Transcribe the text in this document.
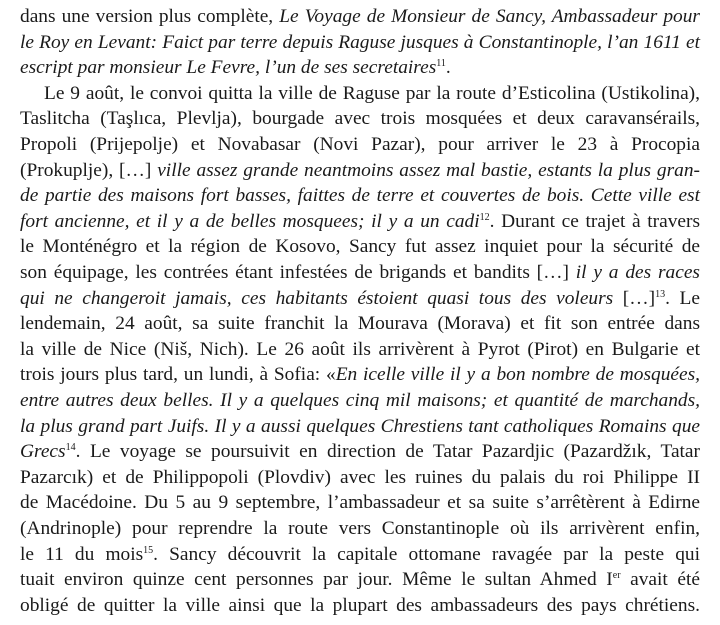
dans une version plus complète, Le Voyage de Monsieur de Sancy, Ambassadeur pour
le Roy en Levant: Faict par terre depuis Raguse jusques à Constantinople, l’an 1611 et
escript par monsieur Le Fevre, l’un de ses secretaires$^{11}$.
Le 9 août, le convoi quitta la ville de Raguse par la route d’Esticolina (Ustikolina),
Taslitcha (Taşlıca, Plevlja), bourgade avec trois mosquées et deux caravansérails,
Propoli (Prijepolje) et Novabasar (Novi Pazar), pour arriver le 23 à Procopia
(Prokuplje), […] ville assez grande neantmoins assez mal bastie, estants la plus gran-
de partie des maisons fort basses, faittes de terre et couvertes de bois. Cette ville est
fort ancienne, et il y a de belles mosquees; il y a un cadi$^{12}$. Durant ce trajet à travers
le Monténégro et la région de Kosovo, Sancy fut assez inquiet pour la sécurité de
son équipage, les contrées étant infestées de brigands et bandits […] il y a des races
qui ne changeroit jamais, ces habitants éstoient quasi tous des voleurs […]$^{13}$. Le
lendemain, 24 août, sa suite franchit la Mourava (Morava) et fit son entrée dans
la ville de Nice (Niš, Nich). Le 26 août ils arrivèrent à Pyrot (Pirot) en Bulgarie et
trois jours plus tard, un lundi, à Sofia: «En icelle ville il y a bon nombre de mosquées,
entre autres deux belles. Il y a quelques cinq mil maisons; et quantité de marchands,
la plus grand part Juifs. Il y a aussi quelques Chrestiens tant catholiques Romains que
Grecs$^{14}$. Le voyage se poursuivit en direction de Tatar Pazardjic (Pazardžık, Tatar
Pazarcık) et de Philippopoli (Plovdiv) avec les ruines du palais du roi Philippe II
de Macédoine. Du 5 au 9 septembre, l’ambassadeur et sa suite s’arrêtèrent à Edirne
(Andrinople) pour reprendre la route vers Constantinople où ils arrivèrent enfin,
le 11 du mois$^{15}$. Sancy découvrit la capitale ottomane ravagée par la peste qui
tuait environ quinze cent personnes par jour. Même le sultan Ahmed Ier avait été
obligé de quitter la ville ainsi que la plupart des ambassadeurs des pays chrétiens.
